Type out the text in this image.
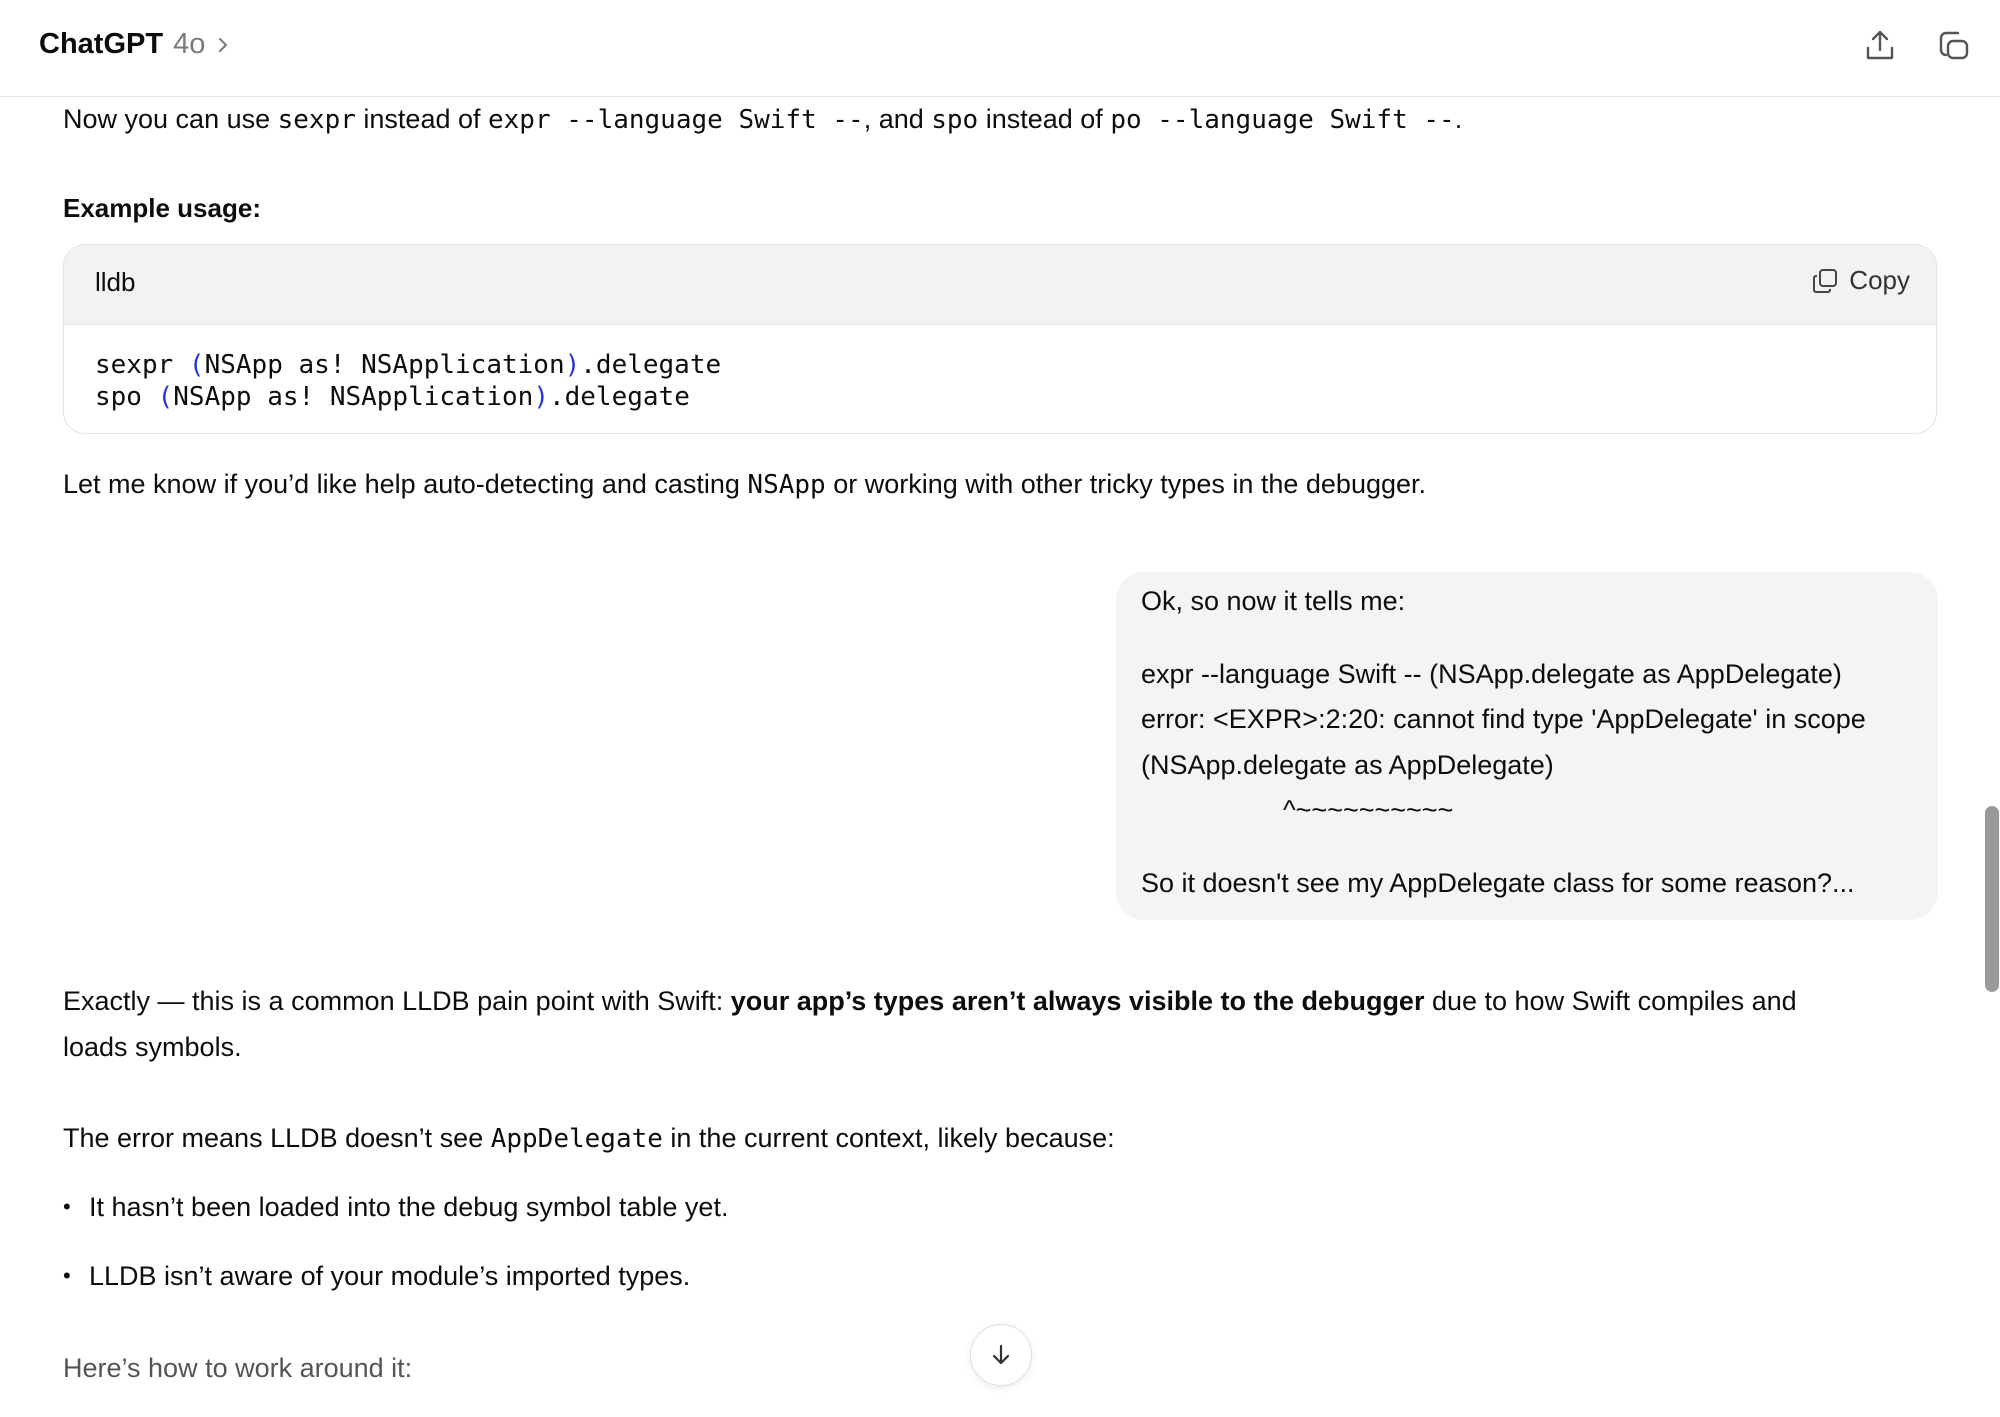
ChatGPT 4o
Now you can use sexpr instead of expr --language Swift --, and spo instead of po --language Swift --.
Example usage:
lldb	Copy
sexpr (NSApp as! NSApplication).delegate
spo (NSApp as! NSApplication).delegate
Let me know if you’d like help auto-detecting and casting NSApp or working with other tricky types in the debugger.
Ok, so now it tells me:
expr --language Swift -- (NSApp.delegate as AppDelegate)
error: <EXPR>:2:20: cannot find type 'AppDelegate' in scope
(NSApp.delegate as AppDelegate)
^~~~~~~~~~~
So it doesn't see my AppDelegate class for some reason?...
Exactly — this is a common LLDB pain point with Swift: your app’s types aren’t always visible to the debugger due to how Swift compiles and
loads symbols.
The error means LLDB doesn’t see AppDelegate in the current context, likely because:
• It hasn’t been loaded into the debug symbol table yet.
• LLDB isn’t aware of your module’s imported types.
Here’s how to work around it:
